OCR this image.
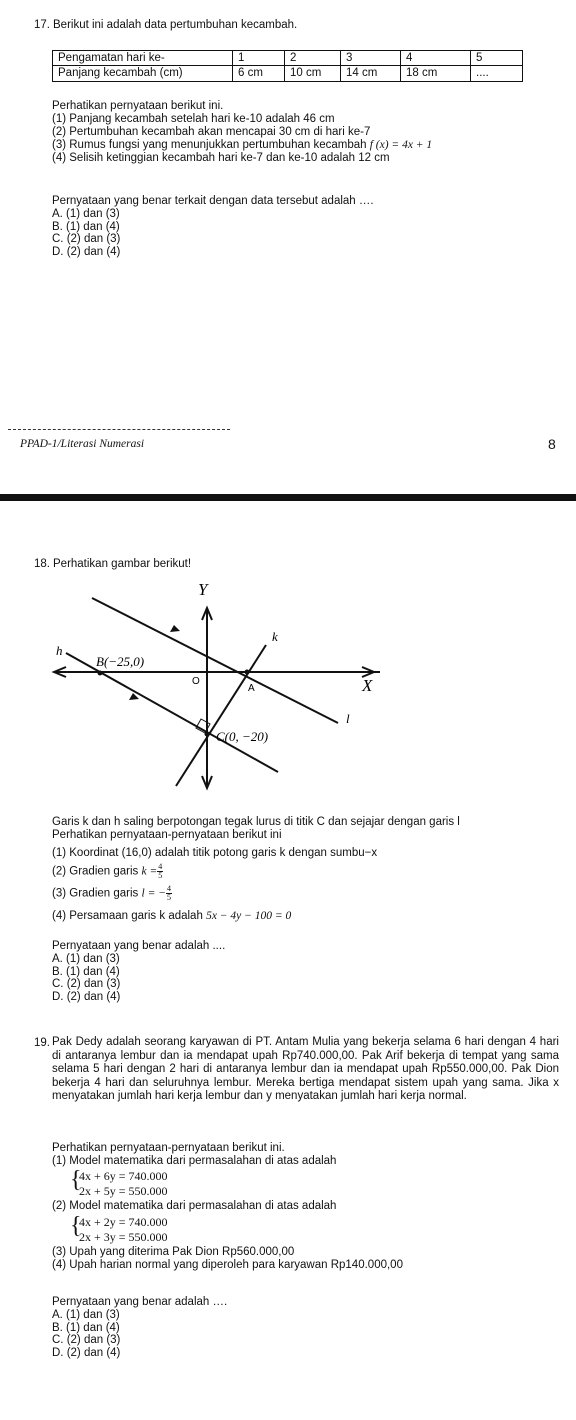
17. Berikut ini adalah data pertumbuhan kecambah.
Pengamatan hari ke-	1	2	3	4	5
Panjang kecambah (cm)	6 cm	10 cm	14 cm	18 cm	....
Perhatikan pernyataan berikut ini.
(1) Panjang kecambah setelah hari ke-10 adalah 46 cm
(2) Pertumbuhan kecambah akan mencapai 30 cm di hari ke-7
(3) Rumus fungsi yang menunjukkan pertumbuhan kecambah f (x) = 4x + 1
(4) Selisih ketinggian kecambah hari ke-7 dan ke-10 adalah 12 cm
Pernyataan yang benar terkait dengan data tersebut adalah ….
A. (1) dan (3)
B. (1) dan (4)
C. (2) dan (3)
D. (2) dan (4)
PPAD-1/Literasi Numerasi	8
18. Perhatikan gambar berikut!
Y
X
k
h
l
O
A
B(−25,0)
C(0, −20)
Garis k dan h saling berpotongan tegak lurus di titik C dan sejajar dengan garis l
Perhatikan pernyataan-pernyataan berikut ini
(1) Koordinat (16,0) adalah titik potong garis k dengan sumbu−x
(2) Gradien garis $k = \frac{4}{5}$
(3) Gradien garis l = − $\frac{4}{5}$
(4) Persamaan garis k adalah 5x − 4y − 100 = 0
Pernyataan yang benar adalah ....
A. (1) dan (3)
B. (1) dan (4)
C. (2) dan (3)
D. (2) dan (4)
19. Pak Dedy adalah seorang karyawan di PT. Antam Mulia yang bekerja selama 6 hari dengan 4 hari di antaranya lembur dan ia mendapat upah Rp740.000,00. Pak Arif bekerja di tempat yang sama selama 5 hari dengan 2 hari di antaranya lembur dan ia mendapat upah Rp550.000,00. Pak Dion bekerja 4 hari dan seluruhnya lembur. Mereka bertiga mendapat sistem upah yang sama. Jika x menyatakan jumlah hari kerja lembur dan y menyatakan jumlah hari kerja normal.
Perhatikan pernyataan-pernyataan berikut ini.
(1) Model matematika dari permasalahan di atas adalah
{
4x + 6y = 740.000
2x + 5y = 550.000
(2) Model matematika dari permasalahan di atas adalah
{
4x + 2y = 740.000
2x + 3y = 550.000
(3) Upah yang diterima Pak Dion Rp560.000,00
(4) Upah harian normal yang diperoleh para karyawan Rp140.000,00
Pernyataan yang benar adalah ….
A. (1) dan (3)
B. (1) dan (4)
C. (2) dan (3)
D. (2) dan (4)
